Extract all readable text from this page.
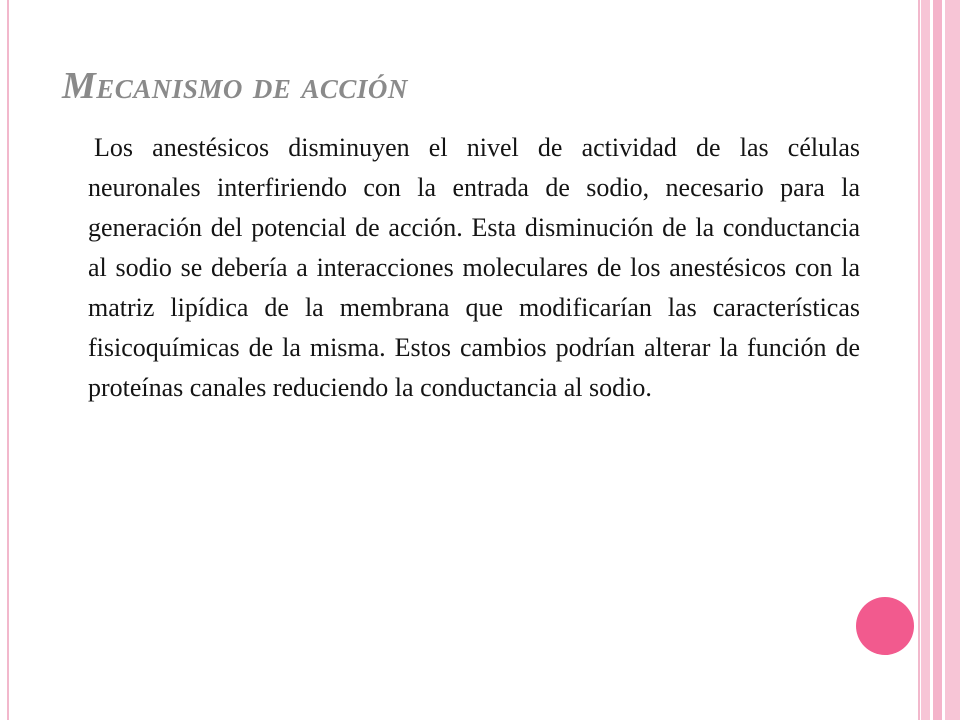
Mecanismo de acción

Los anestésicos disminuyen el nivel de actividad de las células neuronales interfiriendo con la entrada de sodio, necesario para la generación del potencial de acción. Esta disminución de la conductancia al sodio se debería a interacciones moleculares de los anestésicos con la matriz lipídica de la membrana que modificarían las características fisicoquímicas de la misma. Estos cambios podrían alterar la función de proteínas canales reduciendo la conductancia al sodio.
